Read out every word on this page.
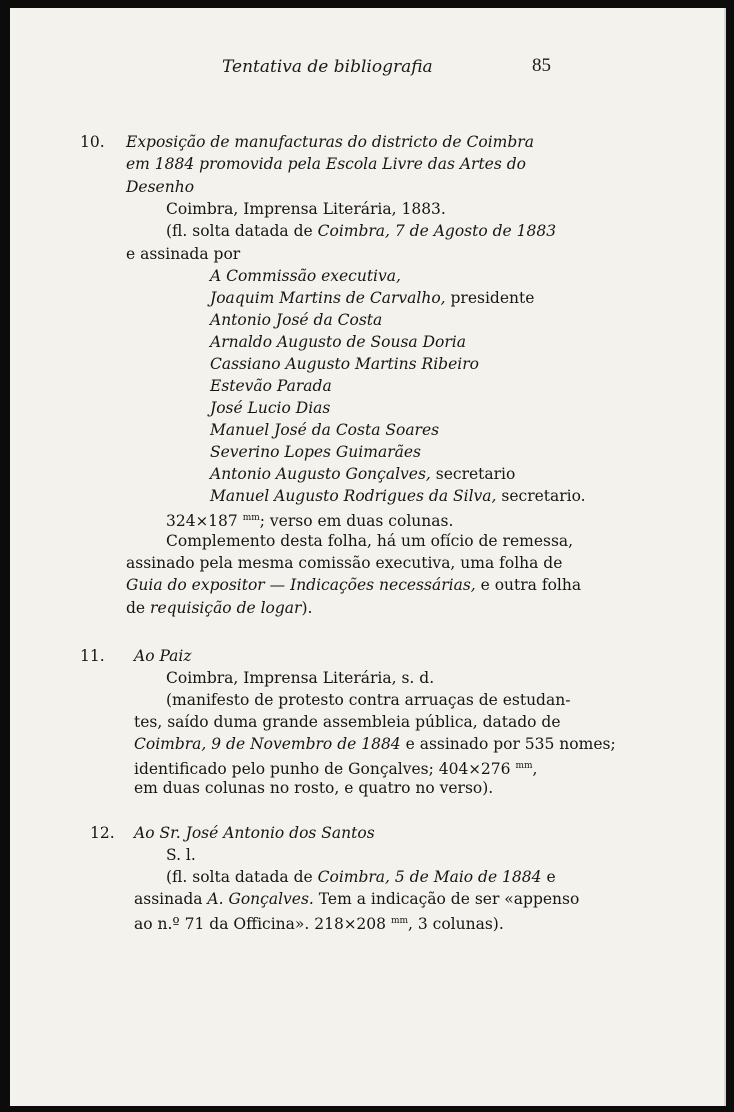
Tentativa de bibliografia	85
10. Exposição de manufacturas do districto de Coimbra
em 1884 promovida pela Escola Livre das Artes do
Desenho
Coimbra, Imprensa Literária, 1883.
(fl. solta datada de Coimbra, 7 de Agosto de 1883
e assinada por
A Commissão executiva,
Joaquim Martins de Carvalho, presidente
Antonio José da Costa
Arnaldo Augusto de Sousa Doria
Cassiano Augusto Martins Ribeiro
Estevão Parada
José Lucio Dias
Manuel José da Costa Soares
Severino Lopes Guimarães
Antonio Augusto Gonçalves, secretario
Manuel Augusto Rodrigues da Silva, secretario.
324×187 $^{mm}$; verso em duas colunas.
Complemento desta folha, há um ofício de remessa,
assinado pela mesma comissão executiva, uma folha de
Guia do expositor — Indicações necessárias, e outra folha
de requisição de logar).
11. Ao Paiz
Coimbra, Imprensa Literária, s. d.
(manifesto de protesto contra arruaças de estudan-
tes, saído duma grande assembleia pública, datado de
Coimbra, 9 de Novembro de 1884 e assinado por 535 nomes;
identificado pelo punho de Gonçalves; 404×276 $^{mm}$,
em duas colunas no rosto, e quatro no verso).
12. Ao Sr. José Antonio dos Santos
S. l.
(fl. solta datada de Coimbra, 5 de Maio de 1884 e
assinada A. Gonçalves. Tem a indicação de ser «appenso
ao n.º 71 da Officina». 218×208 $^{mm}$, 3 colunas).
